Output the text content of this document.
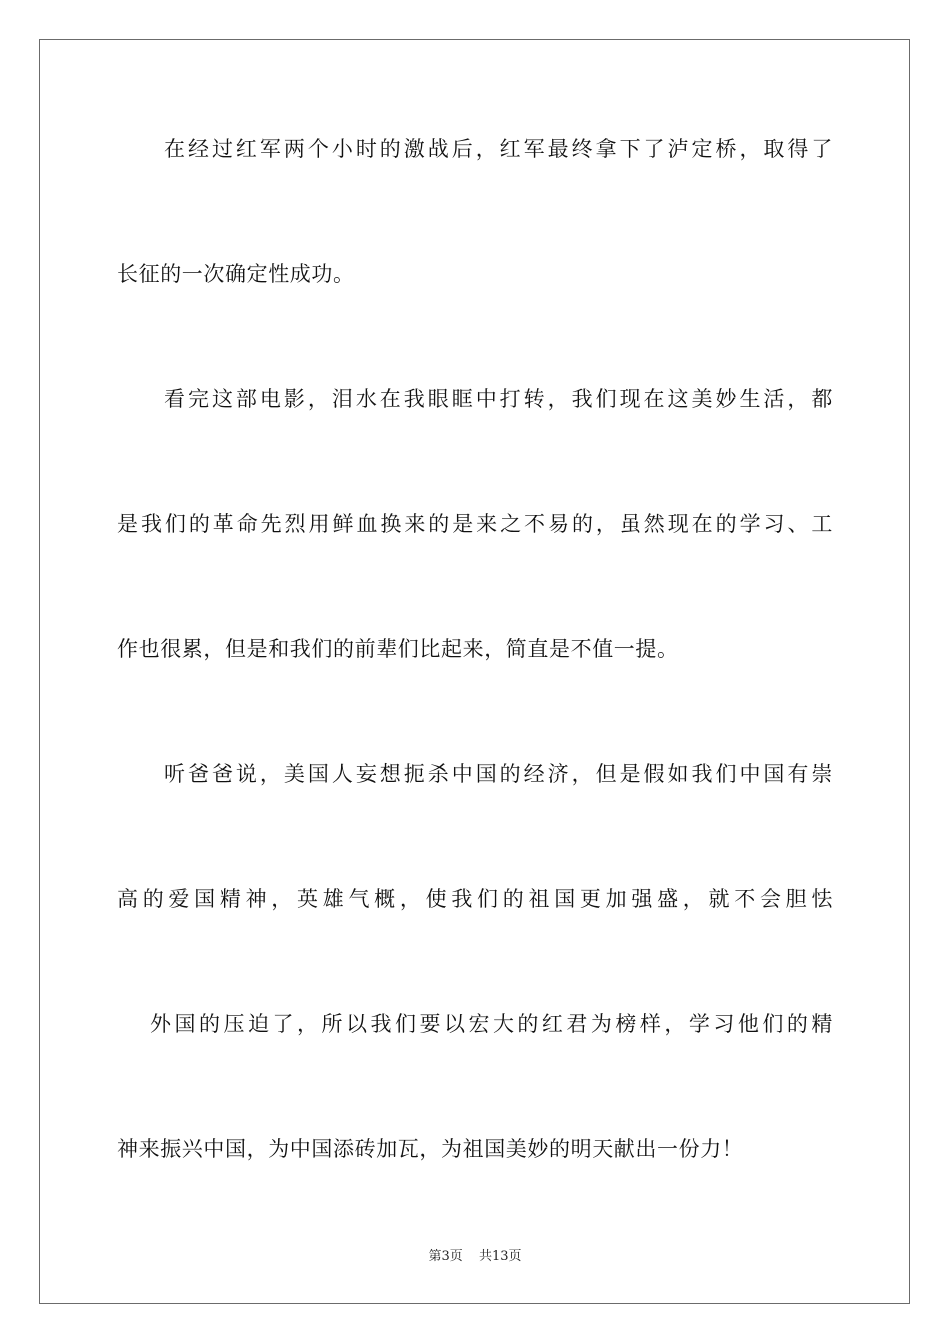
在经过红军两个小时的激战后，红军最终拿下了泸定桥，取得了
长征的一次确定性成功。
看完这部电影，泪水在我眼眶中打转，我们现在这美妙生活，都
是我们的革命先烈用鲜血换来的是来之不易的，虽然现在的学习、工
作也很累，但是和我们的前辈们比起来，简直是不值一提。
听爸爸说，美国人妄想扼杀中国的经济，但是假如我们中国有崇
高的爱国精神，英雄气概，使我们的祖国更加强盛，就不会胆怯
外国的压迫了，所以我们要以宏大的红君为榜样，学习他们的精
神来振兴中国，为中国添砖加瓦，为祖国美妙的明天献出一份力！
第3页 共13页
